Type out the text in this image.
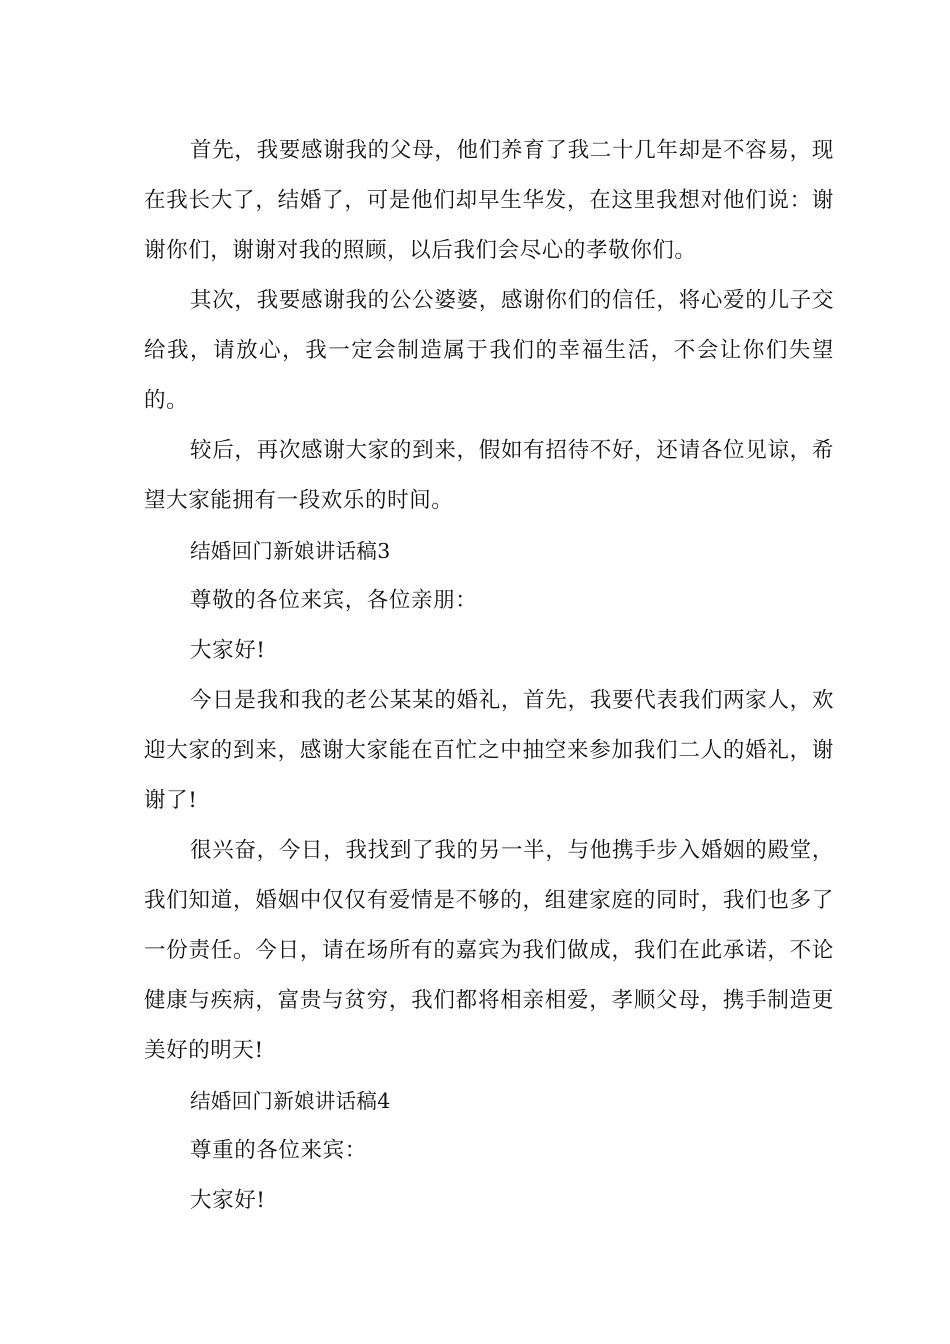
首先，我要感谢我的父母，他们养育了我二十几年却是不容易，现在我长大了，结婚了，可是他们却早生华发，在这里我想对他们说：谢谢你们，谢谢对我的照顾，以后我们会尽心的孝敬你们。

其次，我要感谢我的公公婆婆，感谢你们的信任，将心爱的儿子交给我，请放心，我一定会制造属于我们的幸福生活，不会让你们失望的。

较后，再次感谢大家的到来，假如有招待不好，还请各位见谅，希望大家能拥有一段欢乐的时间。

结婚回门新娘讲话稿3

尊敬的各位来宾，各位亲朋：

大家好!

今日是我和我的老公某某的婚礼，首先，我要代表我们两家人，欢迎大家的到来，感谢大家能在百忙之中抽空来参加我们二人的婚礼，谢谢了!

很兴奋，今日，我找到了我的另一半，与他携手步入婚姻的殿堂，我们知道，婚姻中仅仅有爱情是不够的，组建家庭的同时，我们也多了一份责任。今日，请在场所有的嘉宾为我们做成，我们在此承诺，不论健康与疾病，富贵与贫穷，我们都将相亲相爱，孝顺父母，携手制造更美好的明天!

结婚回门新娘讲话稿4

尊重的各位来宾：

大家好!
